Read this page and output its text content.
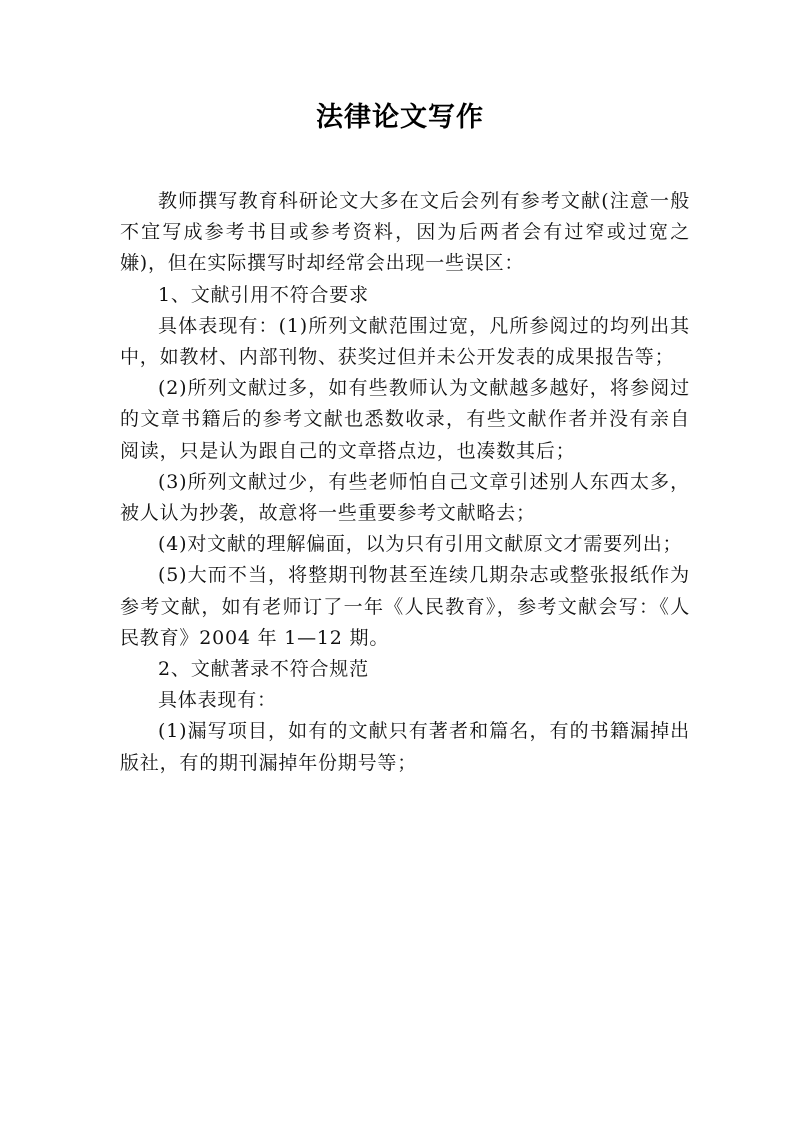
法律论文写作

教师撰写教育科研论文大多在文后会列有参考文献(注意一般不宜写成参考书目或参考资料，因为后两者会有过窄或过宽之嫌)，但在实际撰写时却经常会出现一些误区：

1、文献引用不符合要求

具体表现有：(1)所列文献范围过宽，凡所参阅过的均列出其中，如教材、内部刊物、获奖过但并未公开发表的成果报告等；

(2)所列文献过多，如有些教师认为文献越多越好，将参阅过的文章书籍后的参考文献也悉数收录，有些文献作者并没有亲自阅读，只是认为跟自己的文章搭点边，也凑数其后；

(3)所列文献过少，有些老师怕自己文章引述别人东西太多，被人认为抄袭，故意将一些重要参考文献略去；

(4)对文献的理解偏面，以为只有引用文献原文才需要列出；

(5)大而不当，将整期刊物甚至连续几期杂志或整张报纸作为参考文献，如有老师订了一年《人民教育》，参考文献会写：《人民教育》2004 年 1—12 期。

2、文献著录不符合规范

具体表现有：

(1)漏写项目，如有的文献只有著者和篇名，有的书籍漏掉出版社，有的期刊漏掉年份期号等；
